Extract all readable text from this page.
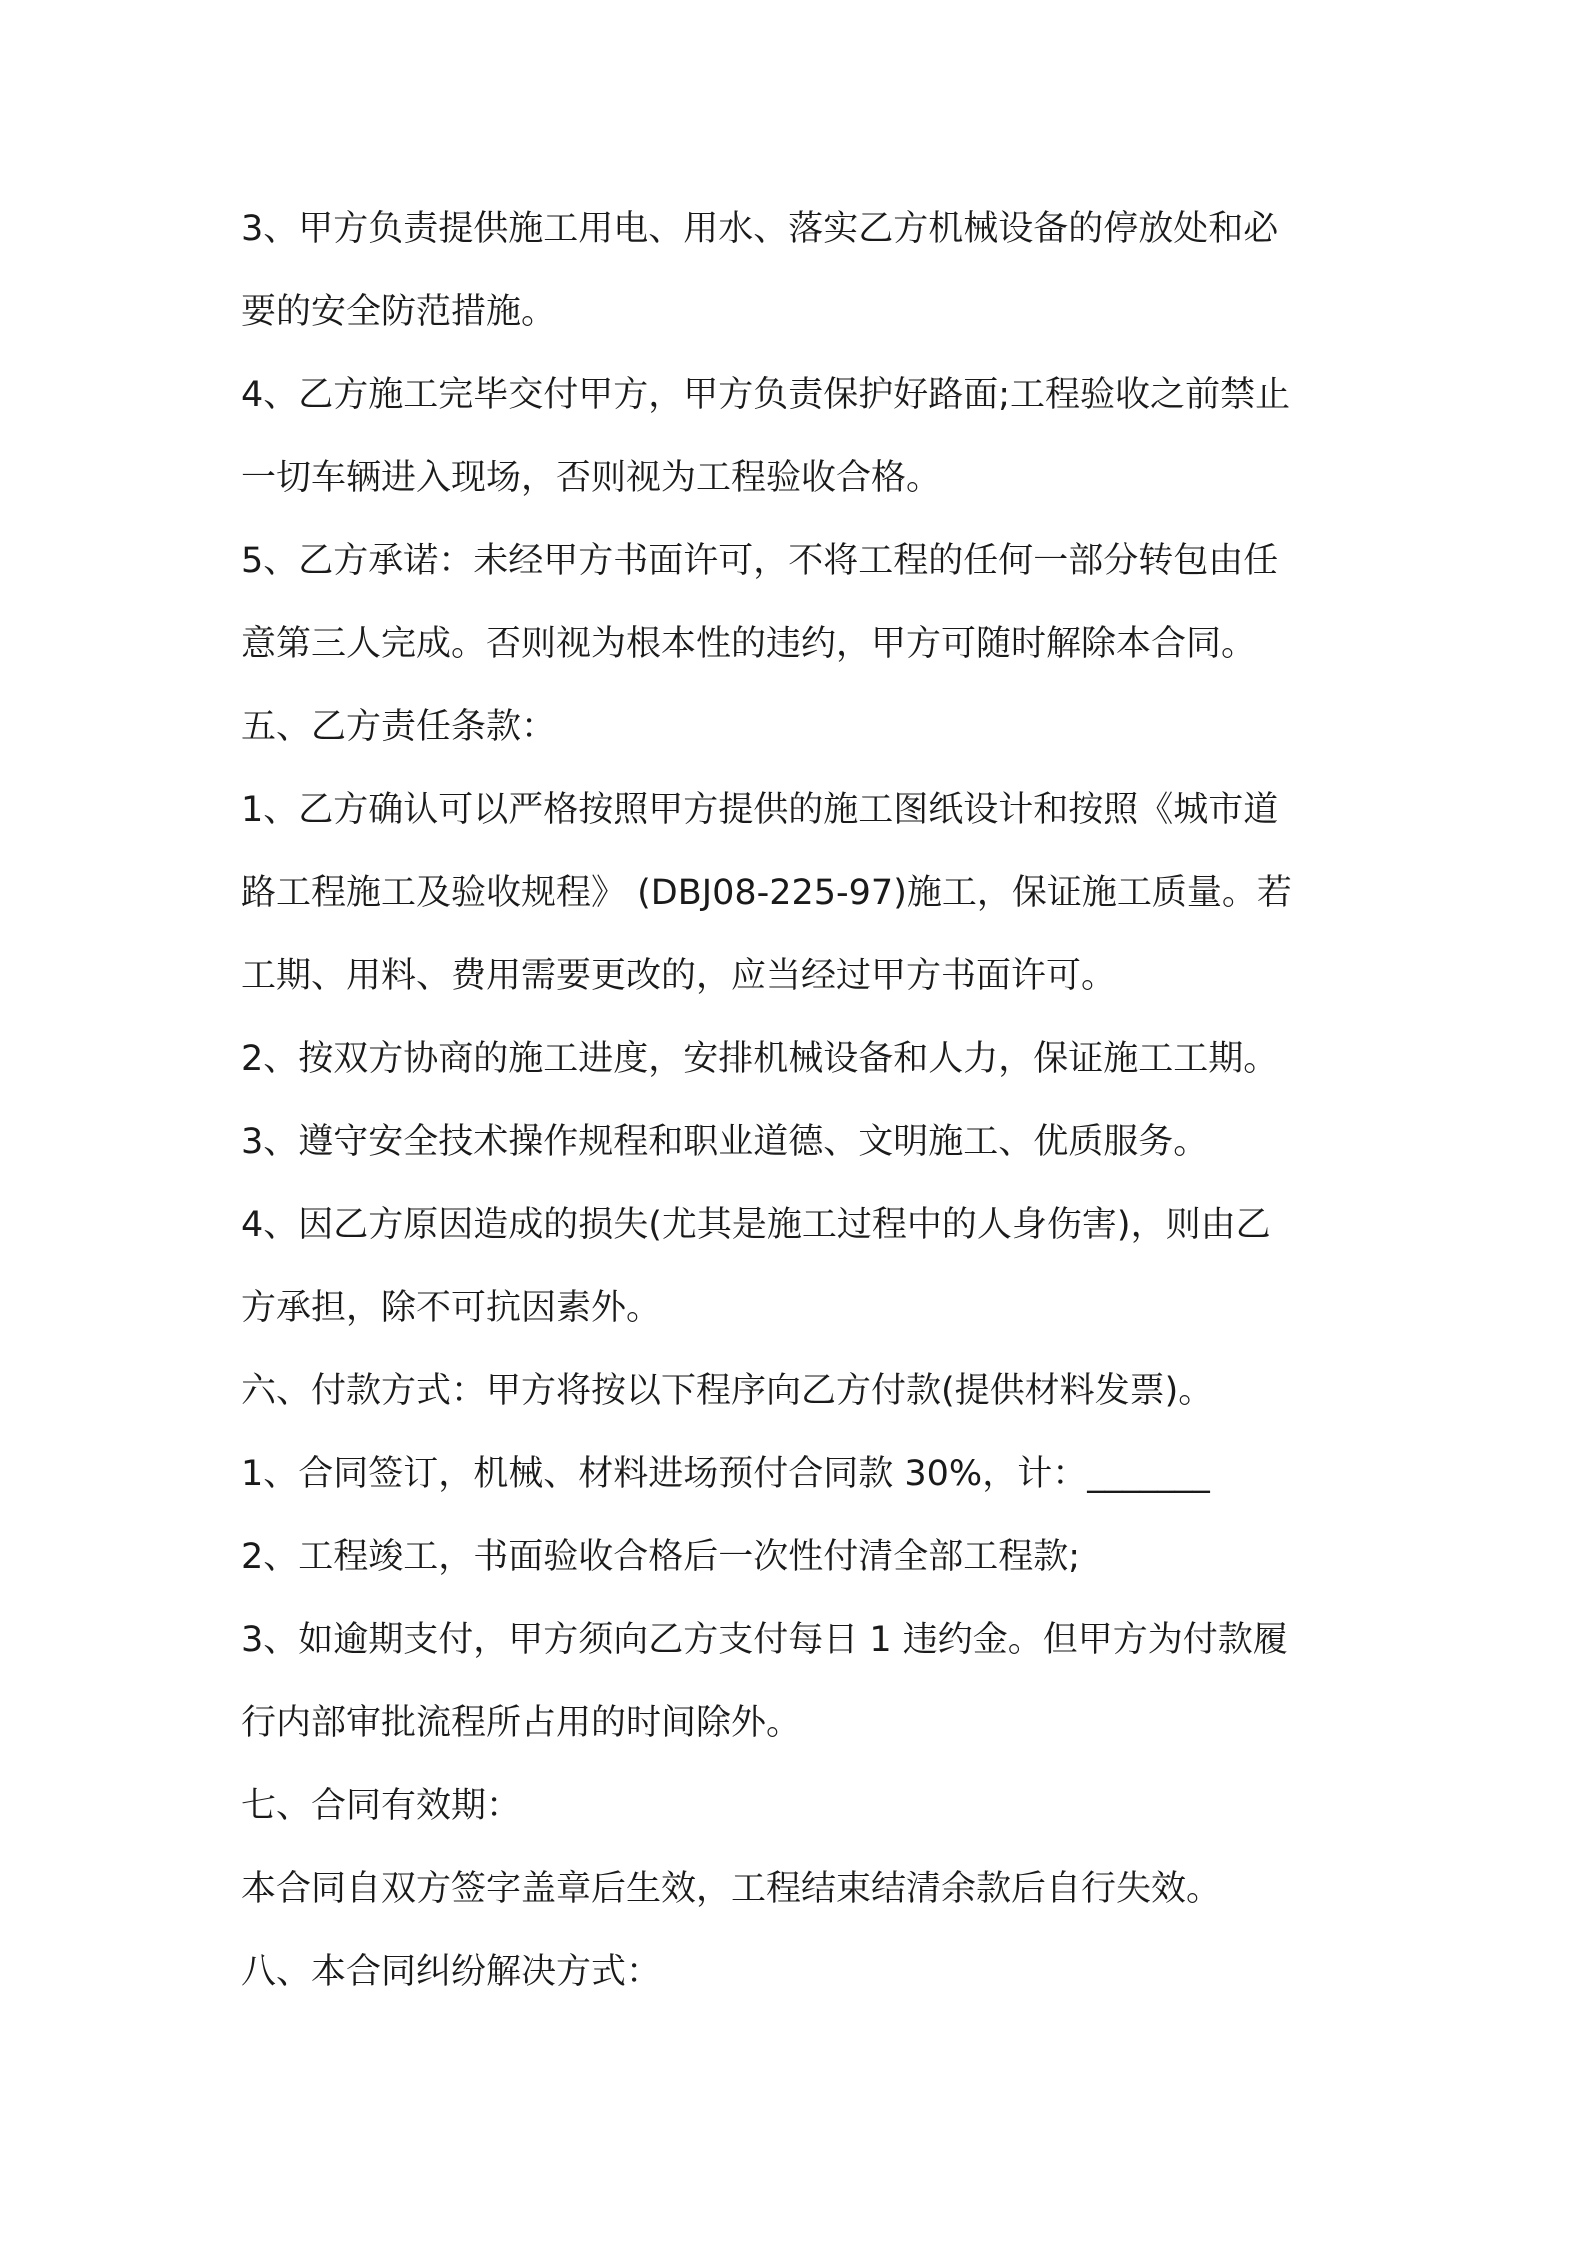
3、甲方负责提供施工用电、用水、落实乙方机械设备的停放处和必
要的安全防范措施。
4、乙方施工完毕交付甲方，甲方负责保护好路面;工程验收之前禁止
一切车辆进入现场，否则视为工程验收合格。
5、乙方承诺：未经甲方书面许可，不将工程的任何一部分转包由任
意第三人完成。否则视为根本性的违约，甲方可随时解除本合同。
五、乙方责任条款：
1、乙方确认可以严格按照甲方提供的施工图纸设计和按照《城市道
路工程施工及验收规程》 (DBJ08-225-97)施工，保证施工质量。若
工期、用料、费用需要更改的，应当经过甲方书面许可。
2、按双方协商的施工进度，安排机械设备和人力，保证施工工期。
3、遵守安全技术操作规程和职业道德、文明施工、优质服务。
4、因乙方原因造成的损失(尤其是施工过程中的人身伤害)，则由乙
方承担，除不可抗因素外。
六、付款方式：甲方将按以下程序向乙方付款(提供材料发票)。
1、合同签订，机械、材料进场预付合同款 30%，计：_______
2、工程竣工，书面验收合格后一次性付清全部工程款;
3、如逾期支付，甲方须向乙方支付每日 1 违约金。但甲方为付款履
行内部审批流程所占用的时间除外。
七、合同有效期：
本合同自双方签字盖章后生效，工程结束结清余款后自行失效。
八、本合同纠纷解决方式：
